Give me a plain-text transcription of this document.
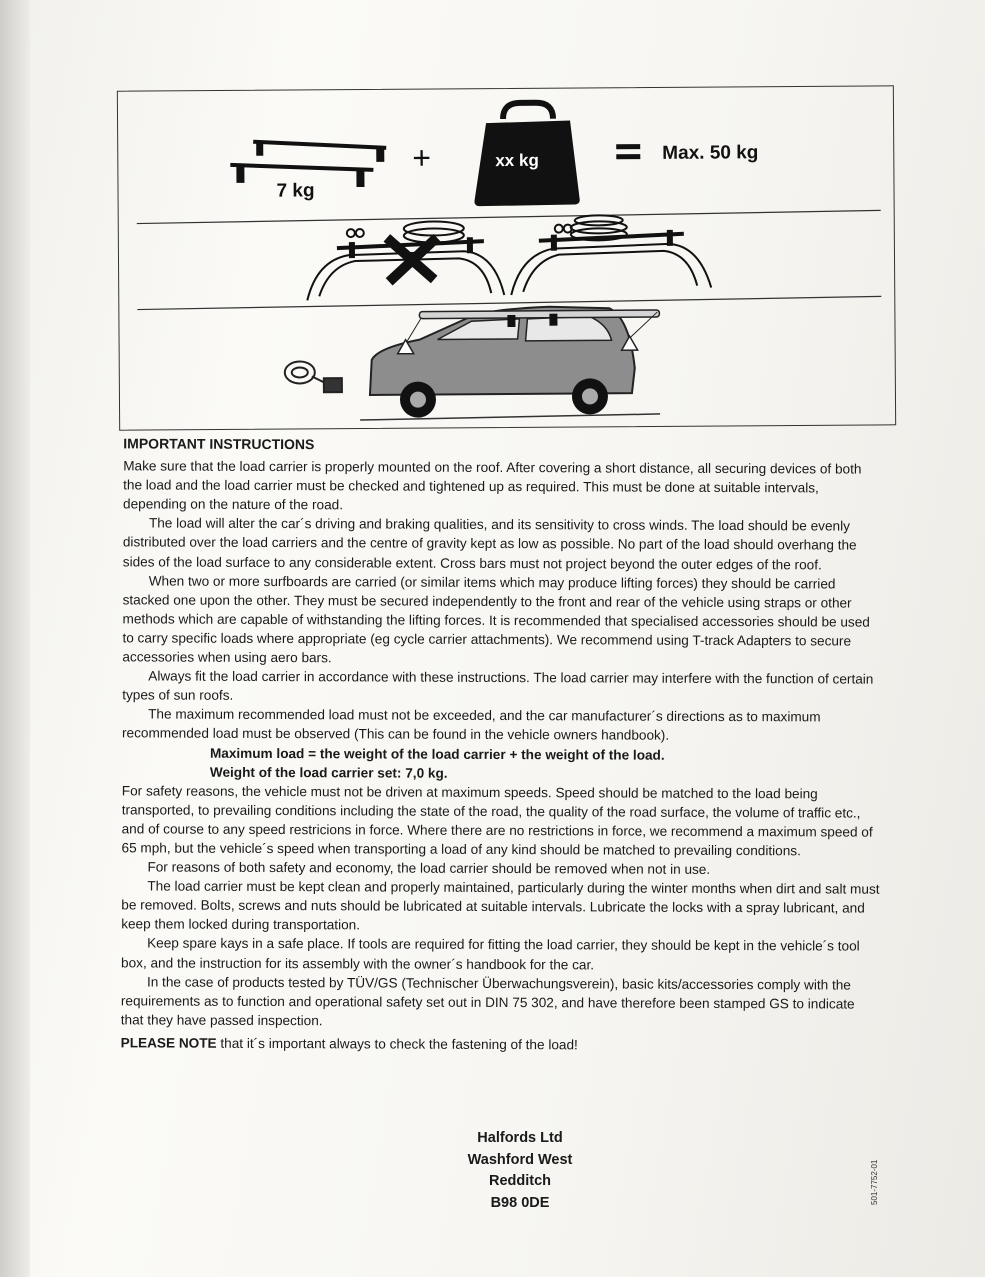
7 kg
+	xx kg	Max. 50 kg

IMPORTANT INSTRUCTIONS

Make sure that the load carrier is properly mounted on the roof. After covering a short distance, all securing devices of both the load and the load carrier must be checked and tightened up as required. This must be done at suitable intervals, depending on the nature of the road.

The load will alter the car´s driving and braking qualities, and its sensitivity to cross winds. The load should be evenly distributed over the load carriers and the centre of gravity kept as low as possible. No part of the load should overhang the sides of the load surface to any considerable extent. Cross bars must not project beyond the outer edges of the roof.

When two or more surfboards are carried (or similar items which may produce lifting forces) they should be carried stacked one upon the other. They must be secured independently to the front and rear of the vehicle using straps or other methods which are capable of withstanding the lifting forces. It is recommended that specialised accessories should be used to carry specific loads where appropriate (eg cycle carrier attachments). We recommend using T-track Adapters to secure accessories when using aero bars.

Always fit the load carrier in accordance with these instructions. The load carrier may interfere with the function of certain types of sun roofs.

The maximum recommended load must not be exceeded, and the car manufacturer´s directions as to maximum recommended load must be observed (This can be found in the vehicle owners handbook).

Maximum load = the weight of the load carrier + the weight of the load.

Weight of the load carrier set: 7,0 kg.

For safety reasons, the vehicle must not be driven at maximum speeds. Speed should be matched to the load being transported, to prevailing conditions including the state of the road, the quality of the road surface, the volume of traffic etc., and of course to any speed restricions in force. Where there are no restrictions in force, we recommend a maximum speed of 65 mph, but the vehicle´s speed when transporting a load of any kind should be matched to prevailing conditions.

For reasons of both safety and economy, the load carrier should be removed when not in use.

The load carrier must be kept clean and properly maintained, particularly during the winter months when dirt and salt must be removed. Bolts, screws and nuts should be lubricated at suitable intervals. Lubricate the locks with a spray lubricant, and keep them locked during transportation.

Keep spare kays in a safe place. If tools are required for fitting the load carrier, they should be kept in the vehicle´s tool box, and the instruction for its assembly with the owner´s handbook for the car.

In the case of products tested by TÜV/GS (Technischer Überwachungsverein), basic kits/accessories comply with the requirements as to function and operational safety set out in DIN 75 302, and have therefore been stamped GS to indicate that they have passed inspection.

PLEASE NOTE that it´s important always to check the fastening of the load!

Halfords Ltd
Washford West
Redditch
B98 0DE	501-7752-01
